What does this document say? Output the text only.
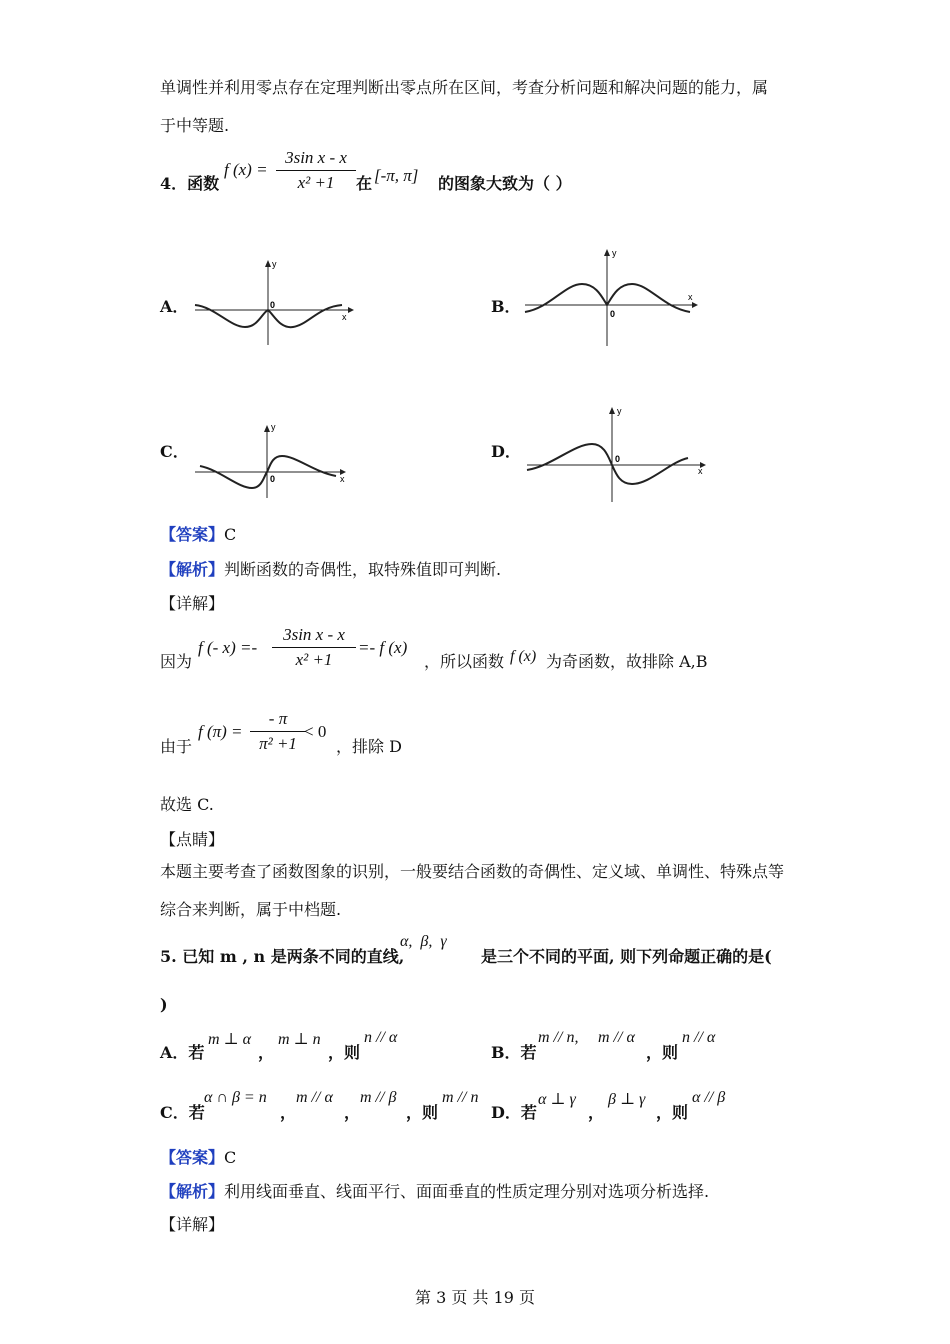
单调性并利用零点存在定理判断出零点所在区间，考查分析问题和解决问题的能力，属
于中等题.
4．函数
f (x) =
3sin x - x
x² +1	在 [-π, π] 的图象大致为（ ）
A．
y
0
x
B．
y
0
x
C．
y
0	x
D．
y
0
x
【答案】C
【解析】判断函数的奇偶性，取特殊值即可判断.
【详解】
因为
f (- x) =-
3sin x - x
x² +1
=- f (x)
，所以函数 f (x) 为奇函数，故排除 A,B
由于
f (π) =
- π
π² +1
< 0
，排除 D
故选 C.
【点睛】
本题主要考查了函数图象的识别，一般要结合函数的奇偶性、定义域、单调性、特殊点等
综合来判断，属于中档题.
5. 已知 m , n 是两条不同的直线,
α,  β,  γ
是三个不同的平面, 则下列命题正确的是(
)
A．若
m ⊥ α
，
m ⊥ n
，则
n // α
B．若
m // n, m // α
，则
n // α
C．若
α ∩ β = n
，
m // α
，
m // β
，则
m // n
D．若
α ⊥ γ
，
β ⊥ γ
，则
α // β
【答案】C
【解析】利用线面垂直、线面平行、面面垂直的性质定理分别对选项分析选择.
【详解】
第 3 页 共 19 页
